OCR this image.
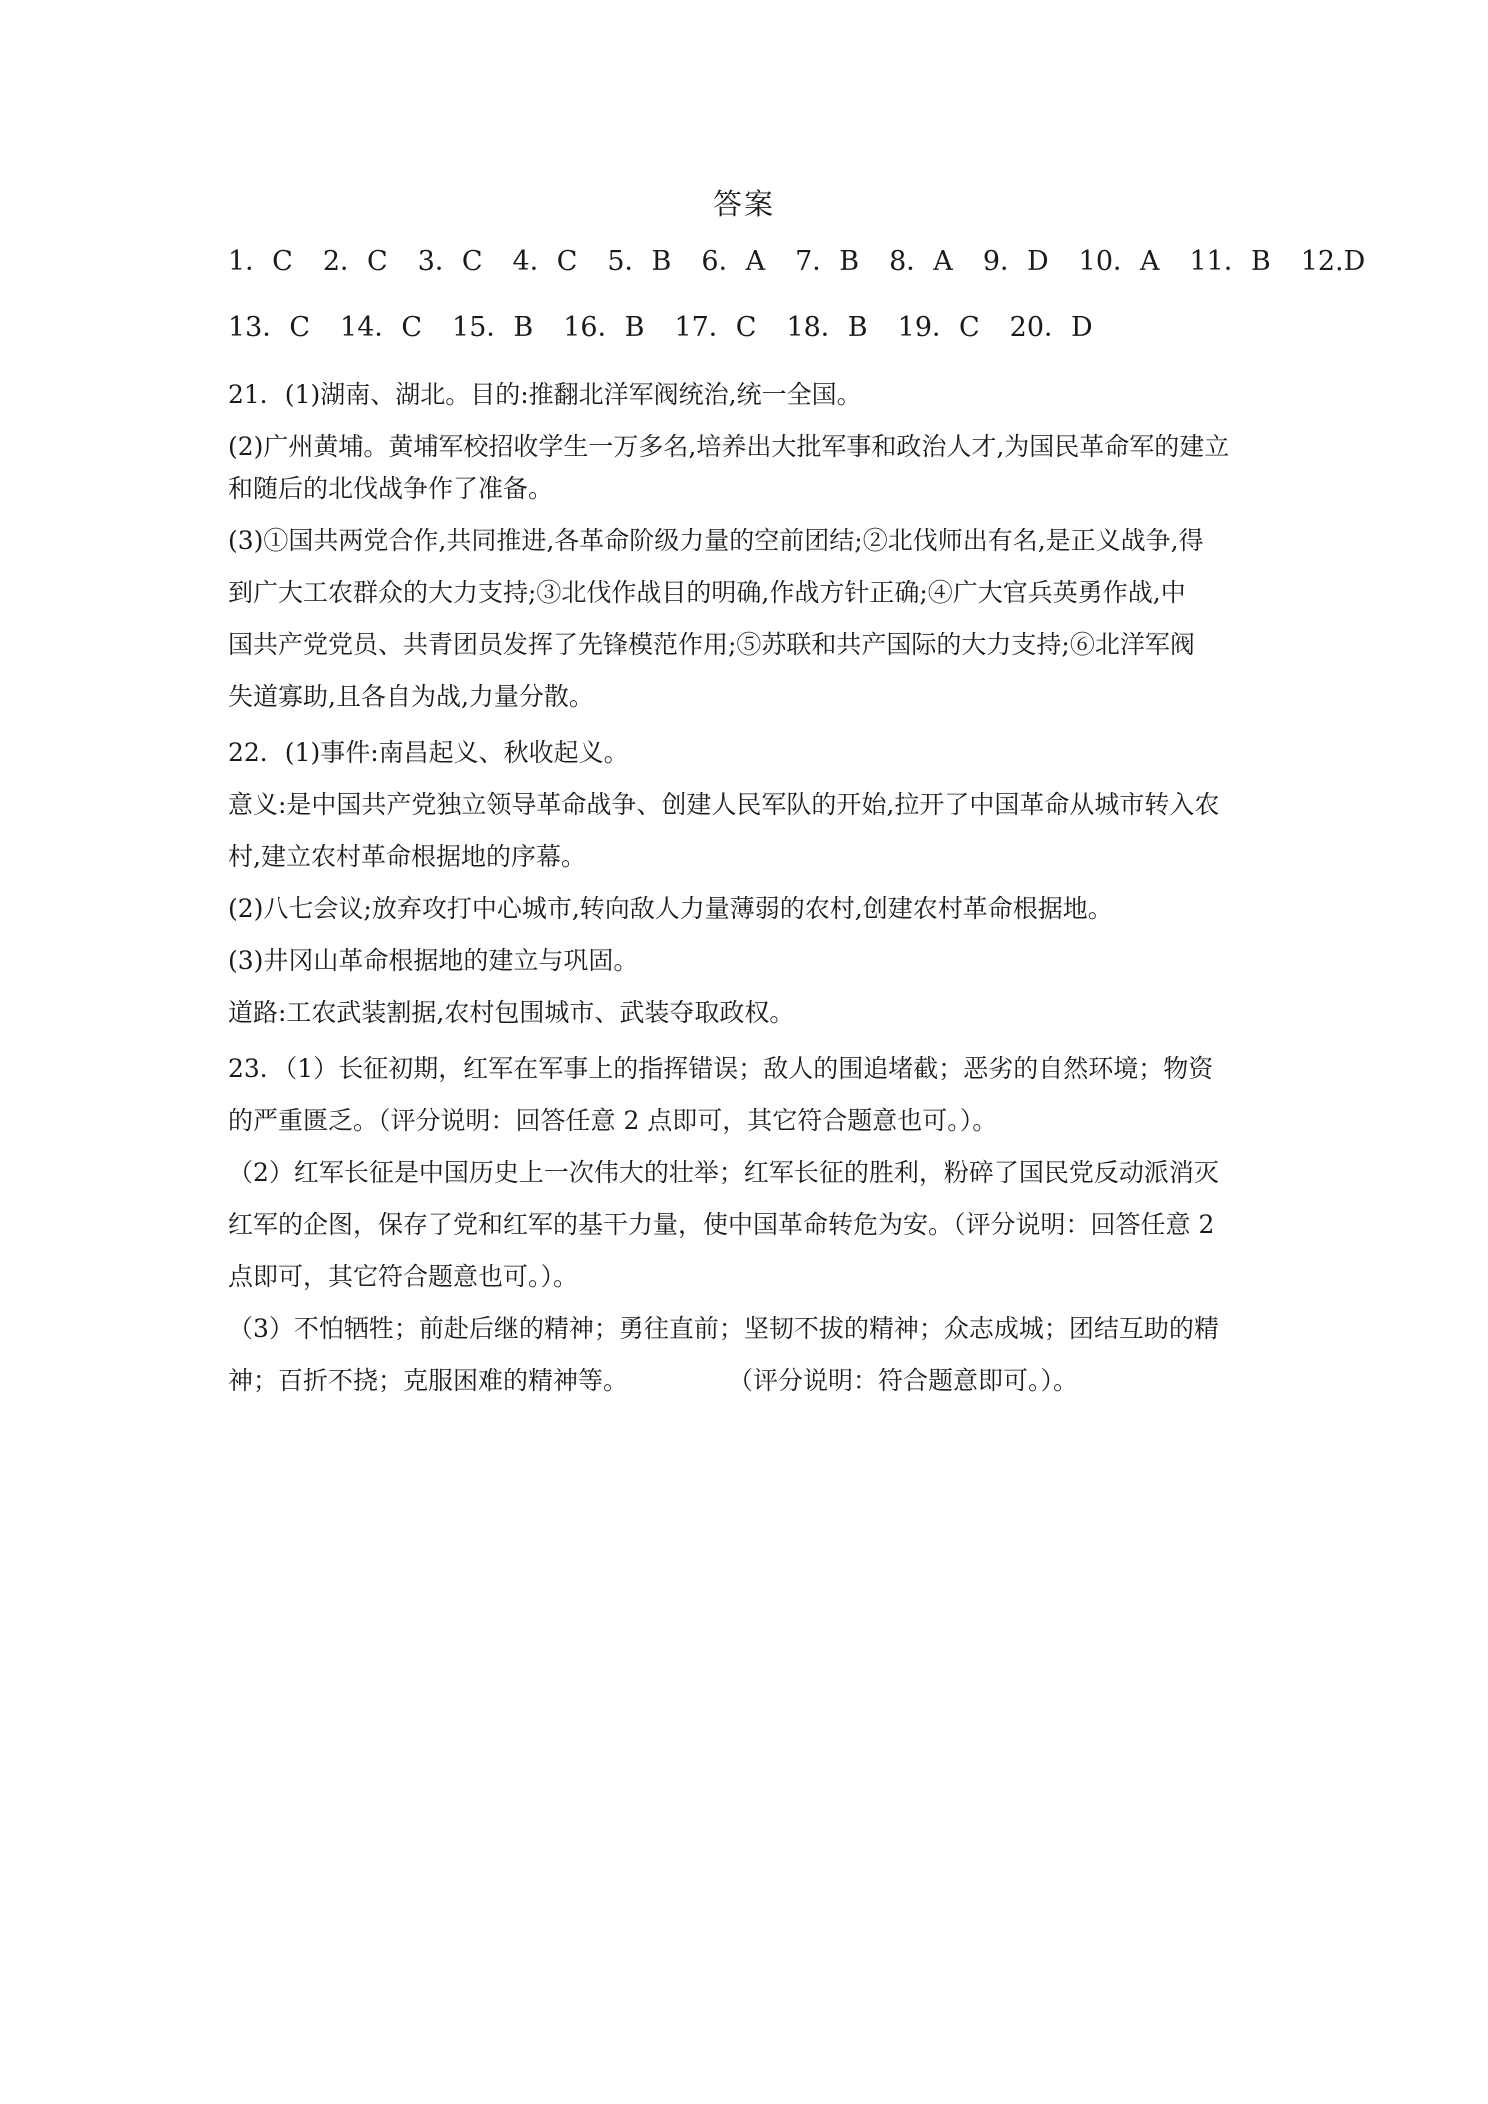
答案
1．C 2．C 3．C 4．C 5．B 6．A 7．B 8．A 9．D 10．A 11．B 12.D
13．C 14．C 15．B 16．B 17．C 18．B 19．C 20．D

21．(1)湖南、湖北。目的:推翻北洋军阀统治,统一全国。

(2)广州黄埔。黄埔军校招收学生一万多名,培养出大批军事和政治人才,为国民革命军的建立

和随后的北伐战争作了准备。

(3)①国共两党合作,共同推进,各革命阶级力量的空前团结;②北伐师出有名,是正义战争,得

到广大工农群众的大力支持;③北伐作战目的明确,作战方针正确;④广大官兵英勇作战,中

国共产党党员、共青团员发挥了先锋模范作用;⑤苏联和共产国际的大力支持;⑥北洋军阀

失道寡助,且各自为战,力量分散。

22．(1)事件:南昌起义、秋收起义。

意义:是中国共产党独立领导革命战争、创建人民军队的开始,拉开了中国革命从城市转入农

村,建立农村革命根据地的序幕。

(2)八七会议;放弃攻打中心城市,转向敌人力量薄弱的农村,创建农村革命根据地。

(3)井冈山革命根据地的建立与巩固。

道路:工农武装割据,农村包围城市、武装夺取政权。

23．（1）长征初期，红军在军事上的指挥错误；敌人的围追堵截；恶劣的自然环境；物资

的严重匮乏。（评分说明：回答任意 2 点即可，其它符合题意也可。）。

（2）红军长征是中国历史上一次伟大的壮举；红军长征的胜利，粉碎了国民党反动派消灭

红军的企图，保存了党和红军的基干力量，使中国革命转危为安。（评分说明：回答任意 2

点即可，其它符合题意也可。）。

（3）不怕牺牲；前赴后继的精神；勇往直前；坚韧不拔的精神；众志成城；团结互助的精

神；百折不挠；克服困难的精神等。　　　　　（评分说明：符合题意即可。）。
